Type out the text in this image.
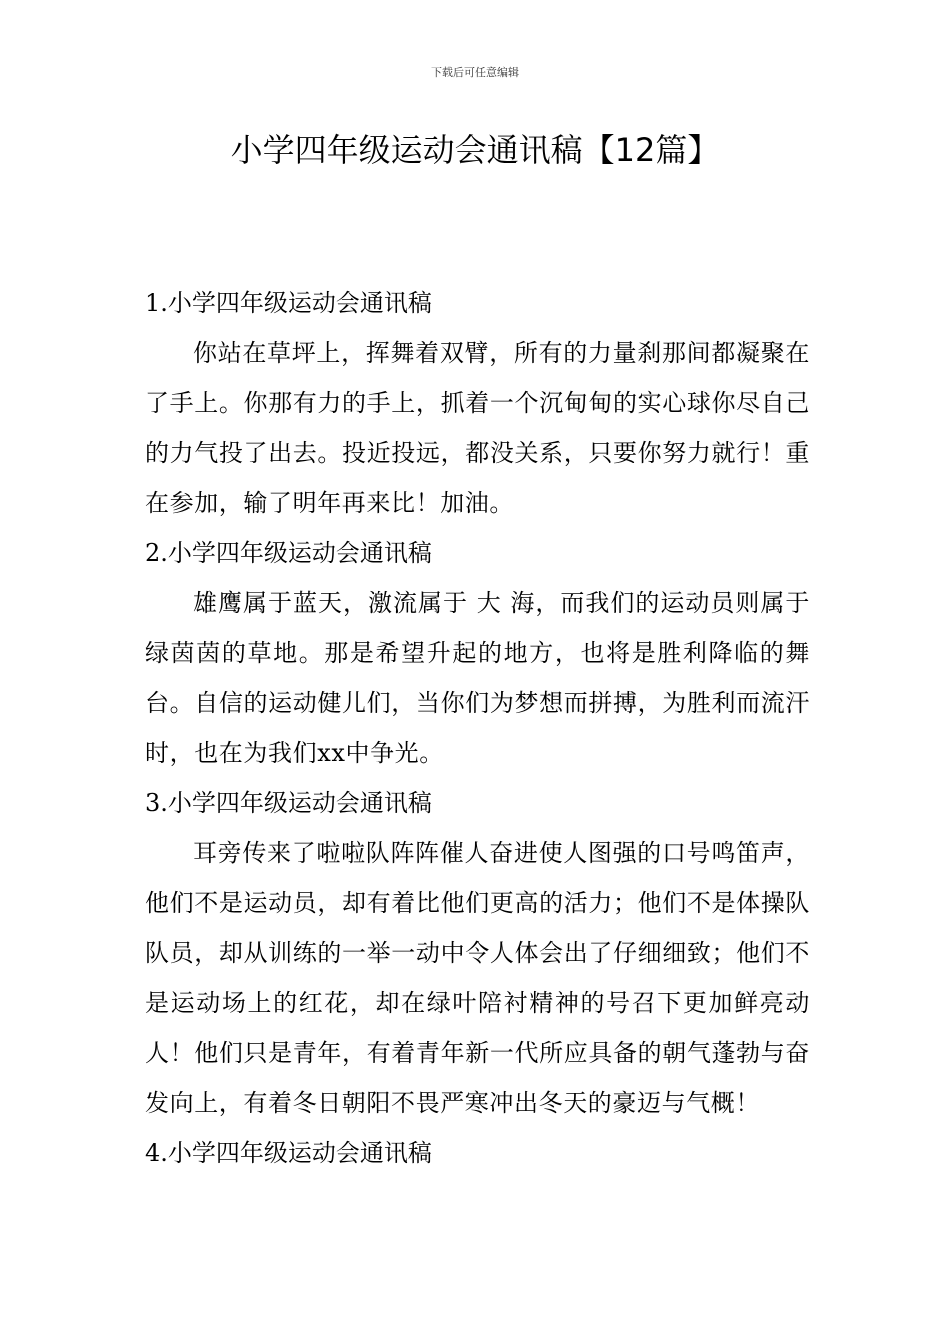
下载后可任意编辑
小学四年级运动会通讯稿【12篇】

1.小学四年级运动会通讯稿

你站在草坪上，挥舞着双臂，所有的力量刹那间都凝聚在了手上。你那有力的手上，抓着一个沉甸甸的实心球你尽自己的力气投了出去。投近投远，都没关系，只要你努力就行！重在参加，输了明年再来比！加油。

2.小学四年级运动会通讯稿

雄鹰属于蓝天，激流属于 大 海，而我们的运动员则属于绿茵茵的草地。那是希望升起的地方，也将是胜利降临的舞台。自信的运动健儿们，当你们为梦想而拼搏，为胜利而流汗时，也在为我们xx中争光。

3.小学四年级运动会通讯稿

耳旁传来了啦啦队阵阵催人奋进使人图强的口号鸣笛声，他们不是运动员，却有着比他们更高的活力；他们不是体操队队员，却从训练的一举一动中令人体会出了仔细细致；他们不是运动场上的红花，却在绿叶陪衬精神的号召下更加鲜亮动人！他们只是青年，有着青年新一代所应具备的朝气蓬勃与奋发向上，有着冬日朝阳不畏严寒冲出冬天的豪迈与气概！

4.小学四年级运动会通讯稿
